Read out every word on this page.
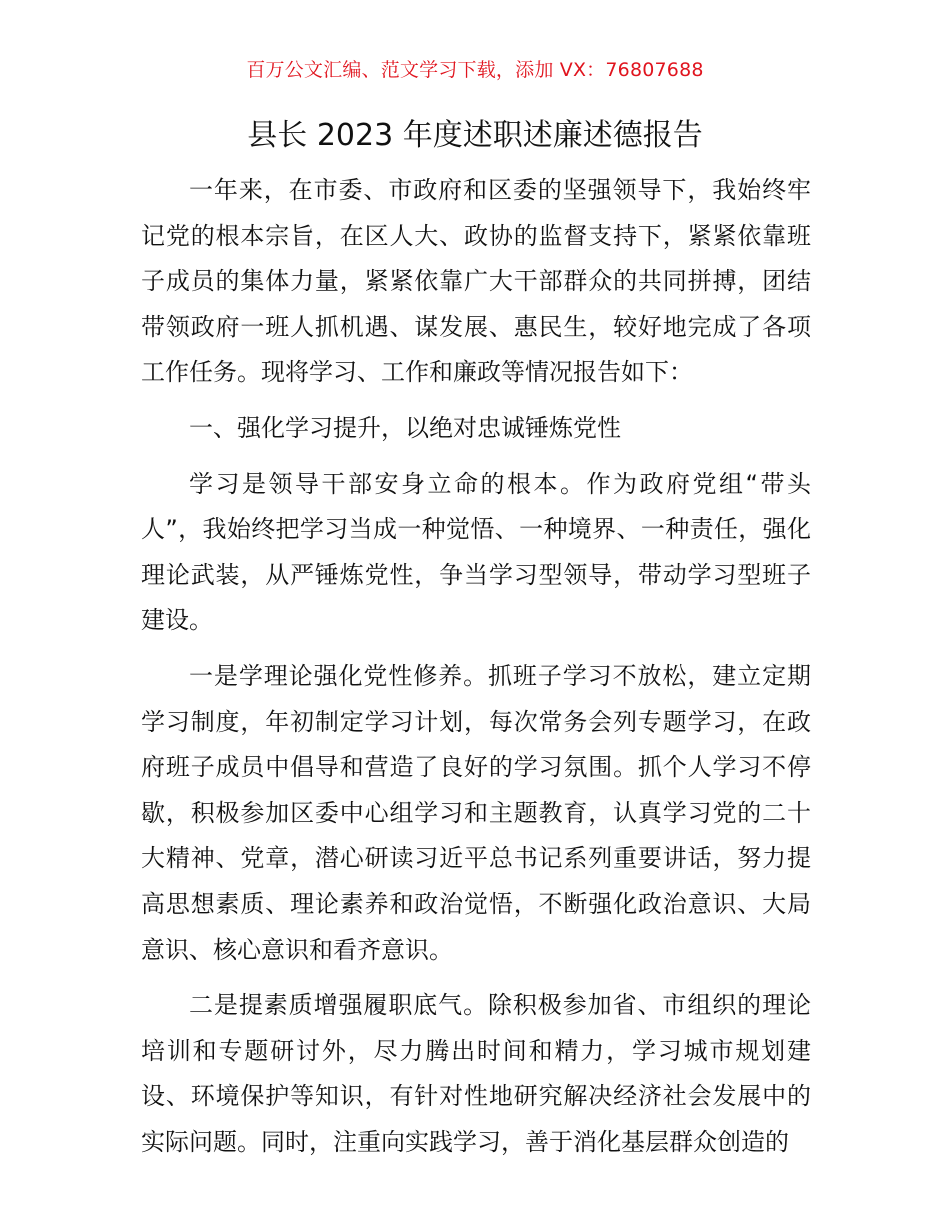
百万公文汇编、范文学习下载，添加 VX：76807688
县长 2023 年度述职述廉述德报告

一年来，在市委、市政府和区委的坚强领导下，我始终牢记党的根本宗旨，在区人大、政协的监督支持下，紧紧依靠班子成员的集体力量，紧紧依靠广大干部群众的共同拼搏，团结带领政府一班人抓机遇、谋发展、惠民生，较好地完成了各项工作任务。现将学习、工作和廉政等情况报告如下：

一、强化学习提升，以绝对忠诚锤炼党性

学习是领导干部安身立命的根本。作为政府党组“带头人”，我始终把学习当成一种觉悟、一种境界、一种责任，强化理论武装，从严锤炼党性，争当学习型领导，带动学习型班子建设。

一是学理论强化党性修养。抓班子学习不放松，建立定期学习制度，年初制定学习计划，每次常务会列专题学习，在政府班子成员中倡导和营造了良好的学习氛围。抓个人学习不停歇，积极参加区委中心组学习和主题教育，认真学习党的二十大精神、党章，潜心研读习近平总书记系列重要讲话，努力提高思想素质、理论素养和政治觉悟，不断强化政治意识、大局意识、核心意识和看齐意识。

二是提素质增强履职底气。除积极参加省、市组织的理论培训和专题研讨外，尽力腾出时间和精力，学习城市规划建设、环境保护等知识，有针对性地研究解决经济社会发展中的实际问题。同时，注重向实践学习，善于消化基层群众创造的
